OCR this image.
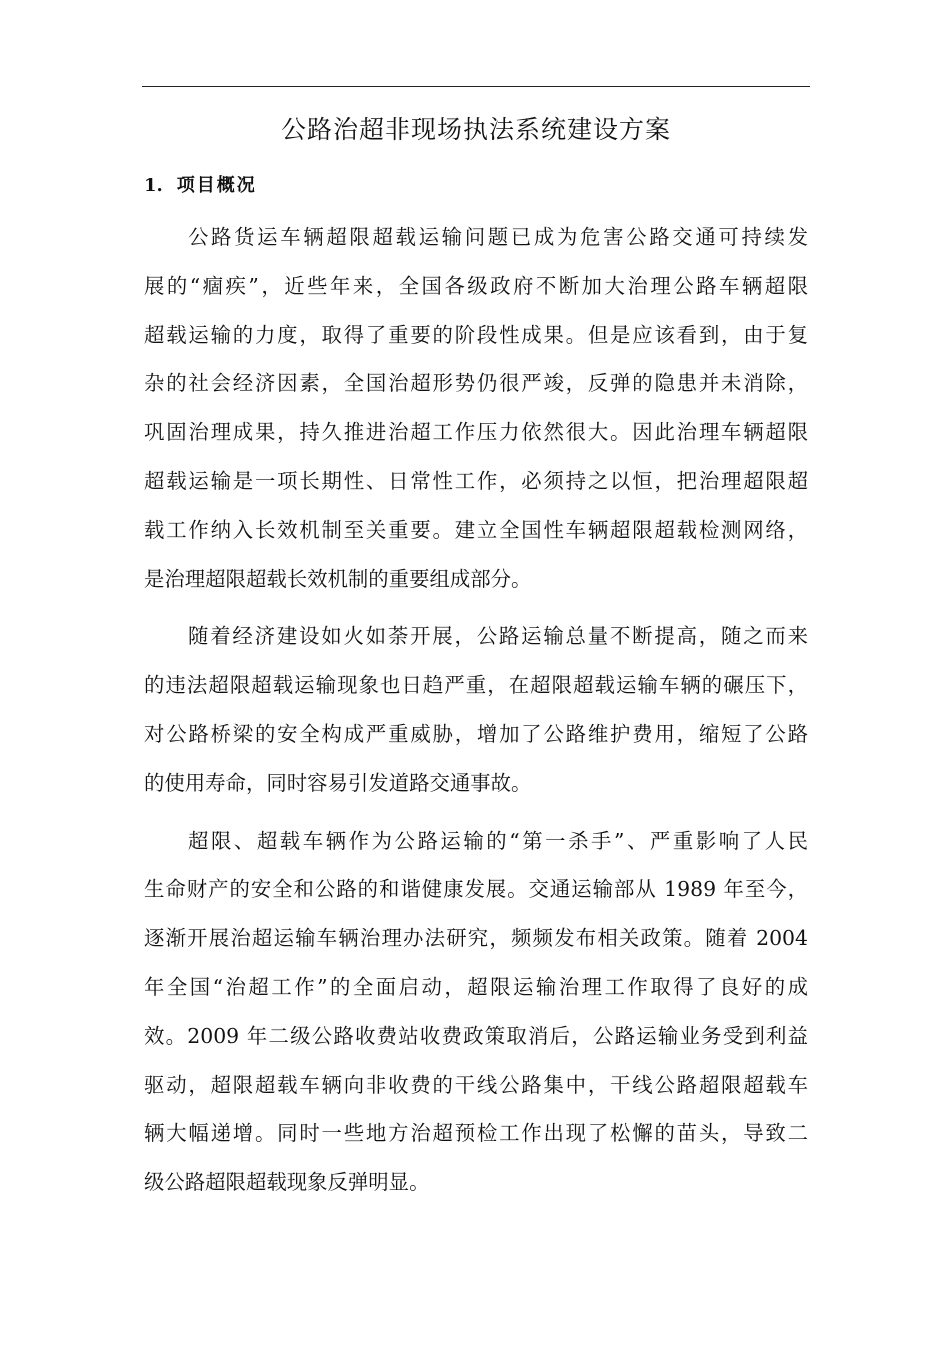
公路治超非现场执法系统建设方案
1. 项目概况

公路货运车辆超限超载运输问题已成为危害公路交通可持续发
展的“痼疾”，近些年来，全国各级政府不断加大治理公路车辆超限
超载运输的力度，取得了重要的阶段性成果。但是应该看到，由于复
杂的社会经济因素，全国治超形势仍很严竣，反弹的隐患并未消除，
巩固治理成果，持久推进治超工作压力依然很大。因此治理车辆超限
超载运输是一项长期性、日常性工作，必须持之以恒，把治理超限超
载工作纳入长效机制至关重要。建立全国性车辆超限超载检测网络，
是治理超限超载长效机制的重要组成部分。

随着经济建设如火如荼开展，公路运输总量不断提高，随之而来
的违法超限超载运输现象也日趋严重，在超限超载运输车辆的碾压下，
对公路桥梁的安全构成严重威胁，增加了公路维护费用，缩短了公路
的使用寿命，同时容易引发道路交通事故。

超限、超载车辆作为公路运输的“第一杀手”、严重影响了人民
生命财产的安全和公路的和谐健康发展。交通运输部从 1989 年至今，
逐渐开展治超运输车辆治理办法研究，频频发布相关政策。随着 2004
年全国“治超工作”的全面启动，超限运输治理工作取得了良好的成
效。2009 年二级公路收费站收费政策取消后，公路运输业务受到利益
驱动，超限超载车辆向非收费的干线公路集中，干线公路超限超载车
辆大幅递增。同时一些地方治超预检工作出现了松懈的苗头，导致二
级公路超限超载现象反弹明显。
